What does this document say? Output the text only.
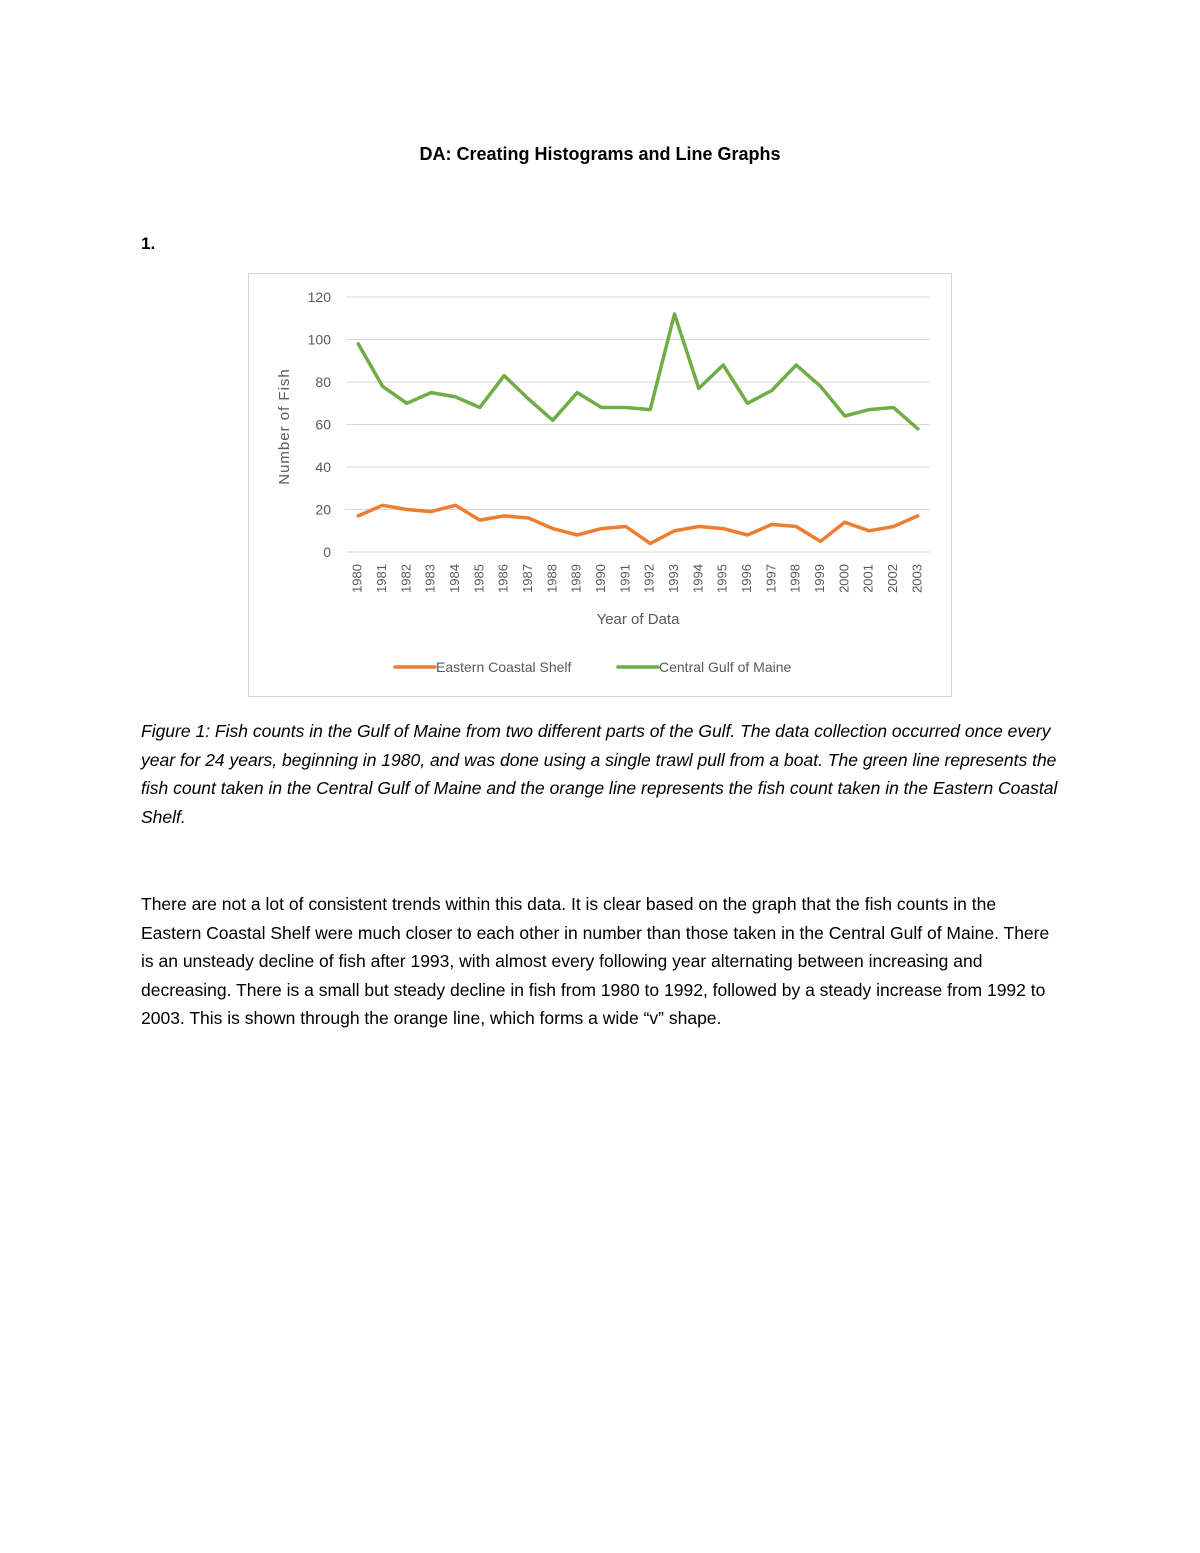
DA: Creating Histograms and Line Graphs
1.
0
20
40
60
80
100
120
1980 1981 1982 1983 1984 1985 1986 1987 1988 1989 1990 1991 1992 1993 1994 1995 1996 1997 1998 1999 2000 2001 2002 2003
Year of Data
Number of Fish
Eastern Coastal Shelf	Central Gulf of Maine
Figure 1: Fish counts in the Gulf of Maine from two different parts of the Gulf. The data collection occurred once every year for 24 years, beginning in 1980, and was done using a single trawl pull from a boat. The green line represents the fish count taken in the Central Gulf of Maine and the orange line represents the fish count taken in the Eastern Coastal Shelf.
There are not a lot of consistent trends within this data. It is clear based on the graph that the fish counts in the Eastern Coastal Shelf were much closer to each other in number than those taken in the Central Gulf of Maine. There is an unsteady decline of fish after 1993, with almost every following year alternating between increasing and decreasing. There is a small but steady decline in fish from 1980 to 1992, followed by a steady increase from 1992 to 2003. This is shown through the orange line, which forms a wide “v” shape.
